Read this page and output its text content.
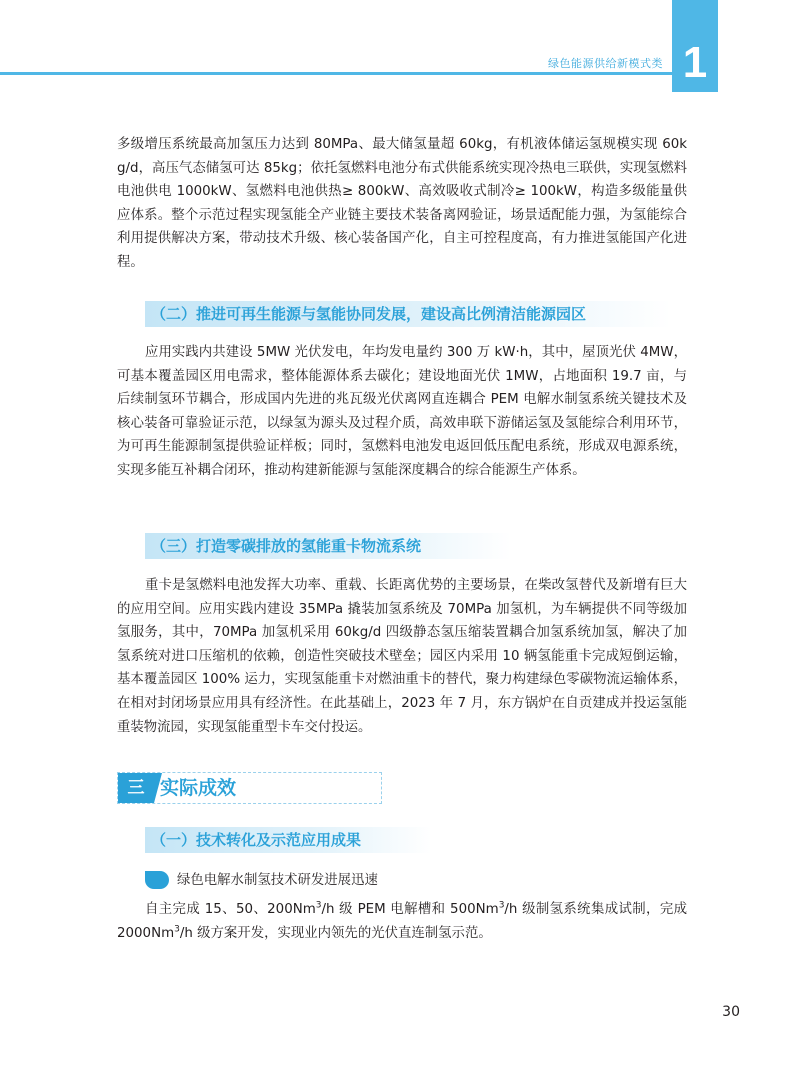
绿色能源供给新模式类 1

多级增压系统最高加氢压力达到 80MPa、最大储氢量超 60kg，有机液体储运氢规模实现 60kg/d，高压气态储氢可达 85kg；依托氢燃料电池分布式供能系统实现冷热电三联供，实现氢燃料电池供电 1000kW、氢燃料电池供热≥ 800kW、高效吸收式制冷≥ 100kW，构造多级能量供应体系。整个示范过程实现氢能全产业链主要技术装备离网验证，场景适配能力强，为氢能综合利用提供解决方案，带动技术升级、核心装备国产化，自主可控程度高，有力推进氢能国产化进程。

（二）推进可再生能源与氢能协同发展，建设高比例清洁能源园区

应用实践内共建设 5MW 光伏发电，年均发电量约 300 万 kW·h，其中，屋顶光伏 4MW，可基本覆盖园区用电需求，整体能源体系去碳化；建设地面光伏 1MW，占地面积 19.7 亩，与后续制氢环节耦合，形成国内先进的兆瓦级光伏离网直连耦合 PEM 电解水制氢系统关键技术及核心装备可靠验证示范，以绿氢为源头及过程介质，高效串联下游储运氢及氢能综合利用环节，为可再生能源制氢提供验证样板；同时，氢燃料电池发电返回低压配电系统，形成双电源系统，实现多能互补耦合闭环，推动构建新能源与氢能深度耦合的综合能源生产体系。

（三）打造零碳排放的氢能重卡物流系统

重卡是氢燃料电池发挥大功率、重载、长距离优势的主要场景，在柴改氢替代及新增有巨大的应用空间。应用实践内建设 35MPa 撬装加氢系统及 70MPa 加氢机，为车辆提供不同等级加氢服务，其中，70MPa 加氢机采用 60kg/d 四级静态氢压缩装置耦合加氢系统加氢，解决了加氢系统对进口压缩机的依赖，创造性突破技术壁垒；园区内采用 10 辆氢能重卡完成短倒运输，基本覆盖园区 100% 运力，实现氢能重卡对燃油重卡的替代，聚力构建绿色零碳物流运输体系，在相对封闭场景应用具有经济性。在此基础上，2023 年 7 月，东方锅炉在自贡建成并投运氢能重装物流园，实现氢能重型卡车交付投运。

三 实际成效
（一）技术转化及示范应用成果
绿色电解水制氢技术研发进展迅速

自主完成 15、50、200Nm$^3$/h 级 PEM 电解槽和 500Nm$^3$/h 级制氢系统集成试制，完成 2000Nm$^3$/h 级方案开发，实现业内领先的光伏直连制氢示范。

30
